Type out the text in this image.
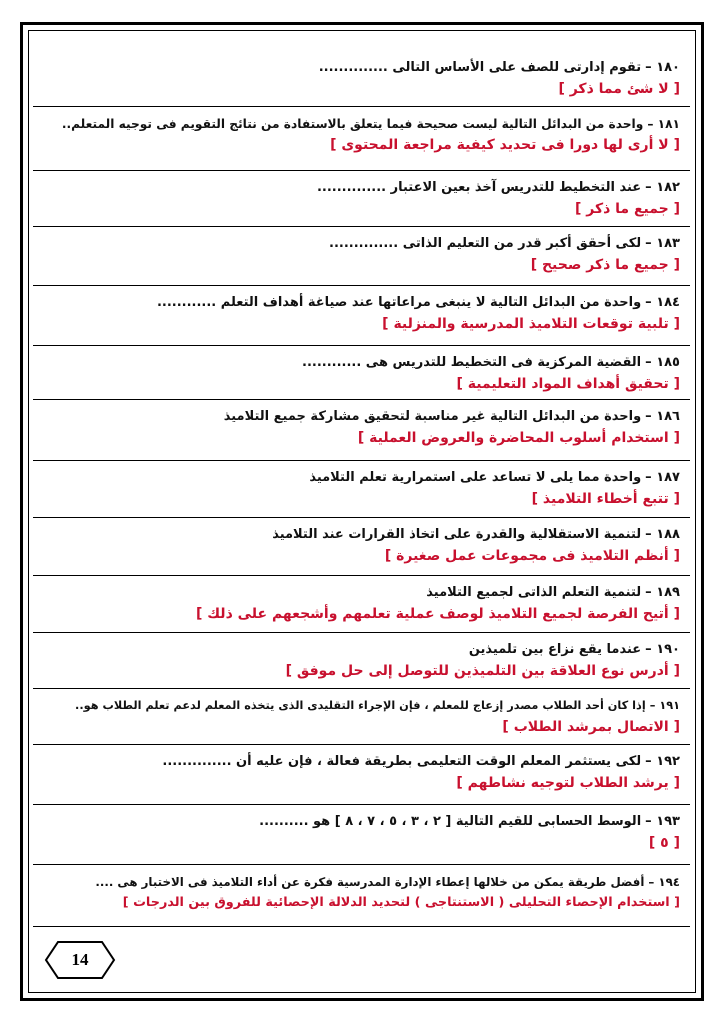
١٨٠ –تقوم إدارتى للصف على الأساس التالى ..............
[ لا شئ مما ذكر ]
١٨١ –واحدة من البدائل التالية ليست صحيحة فيما يتعلق بالاستفادة من نتائج التقويم فى توجيه المتعلم..
[ لا أرى لها دورا فى تحديد كيفية مراجعة المحتوى ]
١٨٢ –عند التخطيط للتدريس آخذ بعين الاعتبار ..............
[ جميع ما ذكر ]
١٨٣ –لكى أحقق أكبر قدر من التعليم الذاتى ..............
[ جميع ما ذكر صحيح ]
١٨٤ –واحدة من البدائل التالية لا ينبغى مراعاتها عند صياغة أهداف التعلم ............
[ تلبية توقعات التلاميذ المدرسية والمنزلية ]
١٨٥ –القضية المركزية فى التخطيط للتدريس هى ............
[ تحقيق أهداف المواد التعليمية ]
١٨٦ –واحدة من البدائل التالية غير مناسبة لتحقيق مشاركة جميع التلاميذ
[ استخدام أسلوب المحاضرة والعروض العملية ]
١٨٧ –واحدة مما يلى لا تساعد على استمرارية تعلم التلاميذ
[ تتبع أخطاء التلاميذ ]
١٨٨ –لتنمية الاستقلالية والقدرة على اتخاذ القرارات عند التلاميذ
[ أنظم التلاميذ فى مجموعات عمل صغيرة ]
١٨٩ –لتنمية التعلم الذاتى لجميع التلاميذ
[ أتيح الفرصة لجميع التلاميذ لوصف عملية تعلمهم وأشجعهم على ذلك ]
١٩٠ –عندما يقع نزاع بين تلميذين
[ أدرس نوع العلاقة بين التلميذين للتوصل إلى حل موفق ]
١٩١ –إذا كان أحد الطلاب مصدر إزعاج للمعلم ، فإن الإجراء التقليدى الذى يتخذه المعلم لدعم تعلم الطلاب هو..
[ الاتصال بمرشد الطلاب ]
١٩٢ –لكى يستثمر المعلم الوقت التعليمى بطريقة فعالة ، فإن عليه أن ..............
[ يرشد الطلاب لتوجيه نشاطهم ]
١٩٣ –الوسط الحسابى للقيم التالية [ ٢ ، ٣ ، ٥ ، ٧ ، ٨ ] هو ..........
[ ٥ ]
١٩٤ –أفضل طريقة يمكن من خلالها إعطاء الإدارة المدرسية فكرة عن أداء التلاميذ فى الاختبار هى ....
[ استخدام الإحصاء التحليلى ( الاستنتاجى ) لتحديد الدلالة الإحصائية للفروق بين الدرجات ]
14
